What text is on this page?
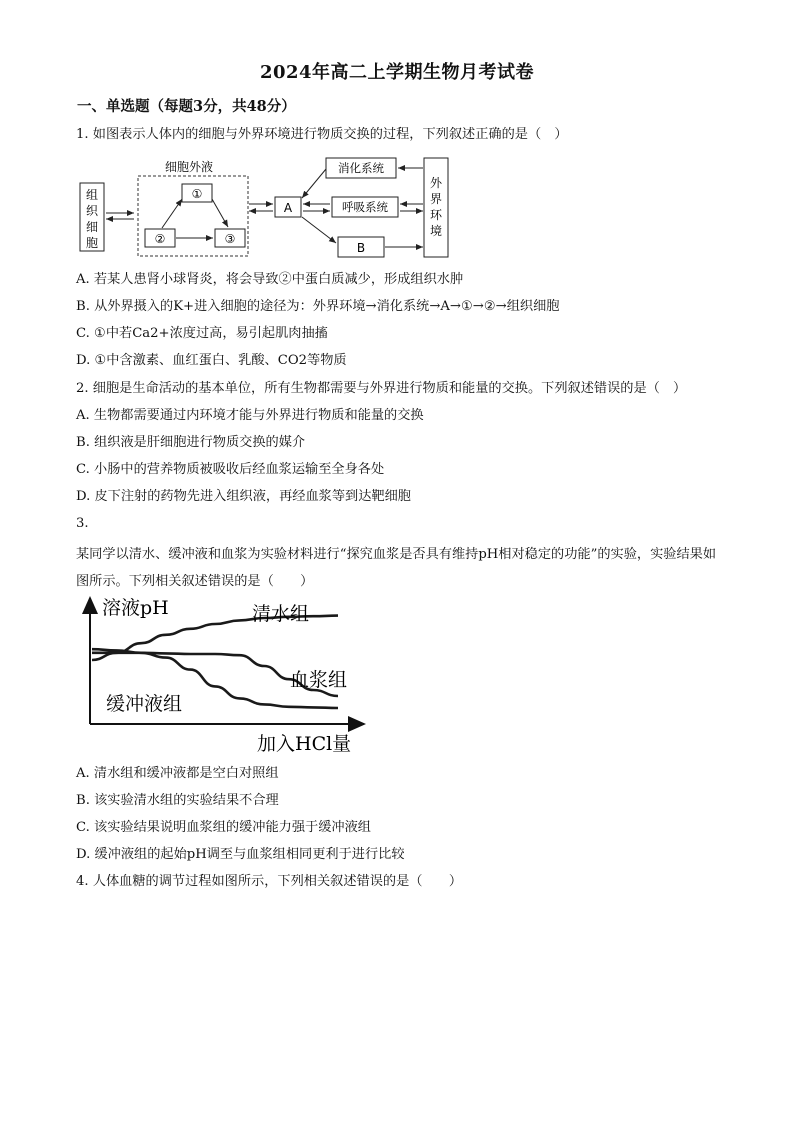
2024年高二上学期生物月考试卷
一、单选题（每题3分，共48分）
1. 如图表示人体内的细胞与外界环境进行物质交换的过程，下列叙述正确的是（　）
组
织
细
胞
细胞外液
①
②	③
A
消化系统
呼吸系统
B
外
界
环
境
A. 若某人患肾小球肾炎，将会导致②中蛋白质减少，形成组织水肿
B. 从外界摄入的K+进入细胞的途径为：外界环境→消化系统→A→①→②→组织细胞
C. ①中若Ca2+浓度过高，易引起肌肉抽搐
D. ①中含激素、血红蛋白、乳酸、CO2等物质
2. 细胞是生命活动的基本单位，所有生物都需要与外界进行物质和能量的交换。下列叙述错误的是（　）
A. 生物都需要通过内环境才能与外界进行物质和能量的交换
B. 组织液是肝细胞进行物质交换的媒介
C. 小肠中的营养物质被吸收后经血浆运输至全身各处
D. 皮下注射的药物先进入组织液，再经血浆等到达靶细胞
3.
某同学以清水、缓冲液和血浆为实验材料进行“探究血浆是否具有维持pH相对稳定的功能”的实验，实验结果如图所示。下列相关叙述错误的是（　　）
溶液pH
加入HCl量
清水组
血浆组
缓冲液组
A. 清水组和缓冲液都是空白对照组
B. 该实验清水组的实验结果不合理
C. 该实验结果说明血浆组的缓冲能力强于缓冲液组
D. 缓冲液组的起始pH调至与血浆组相同更利于进行比较
4. 人体血糖的调节过程如图所示，下列相关叙述错误的是（　　）
